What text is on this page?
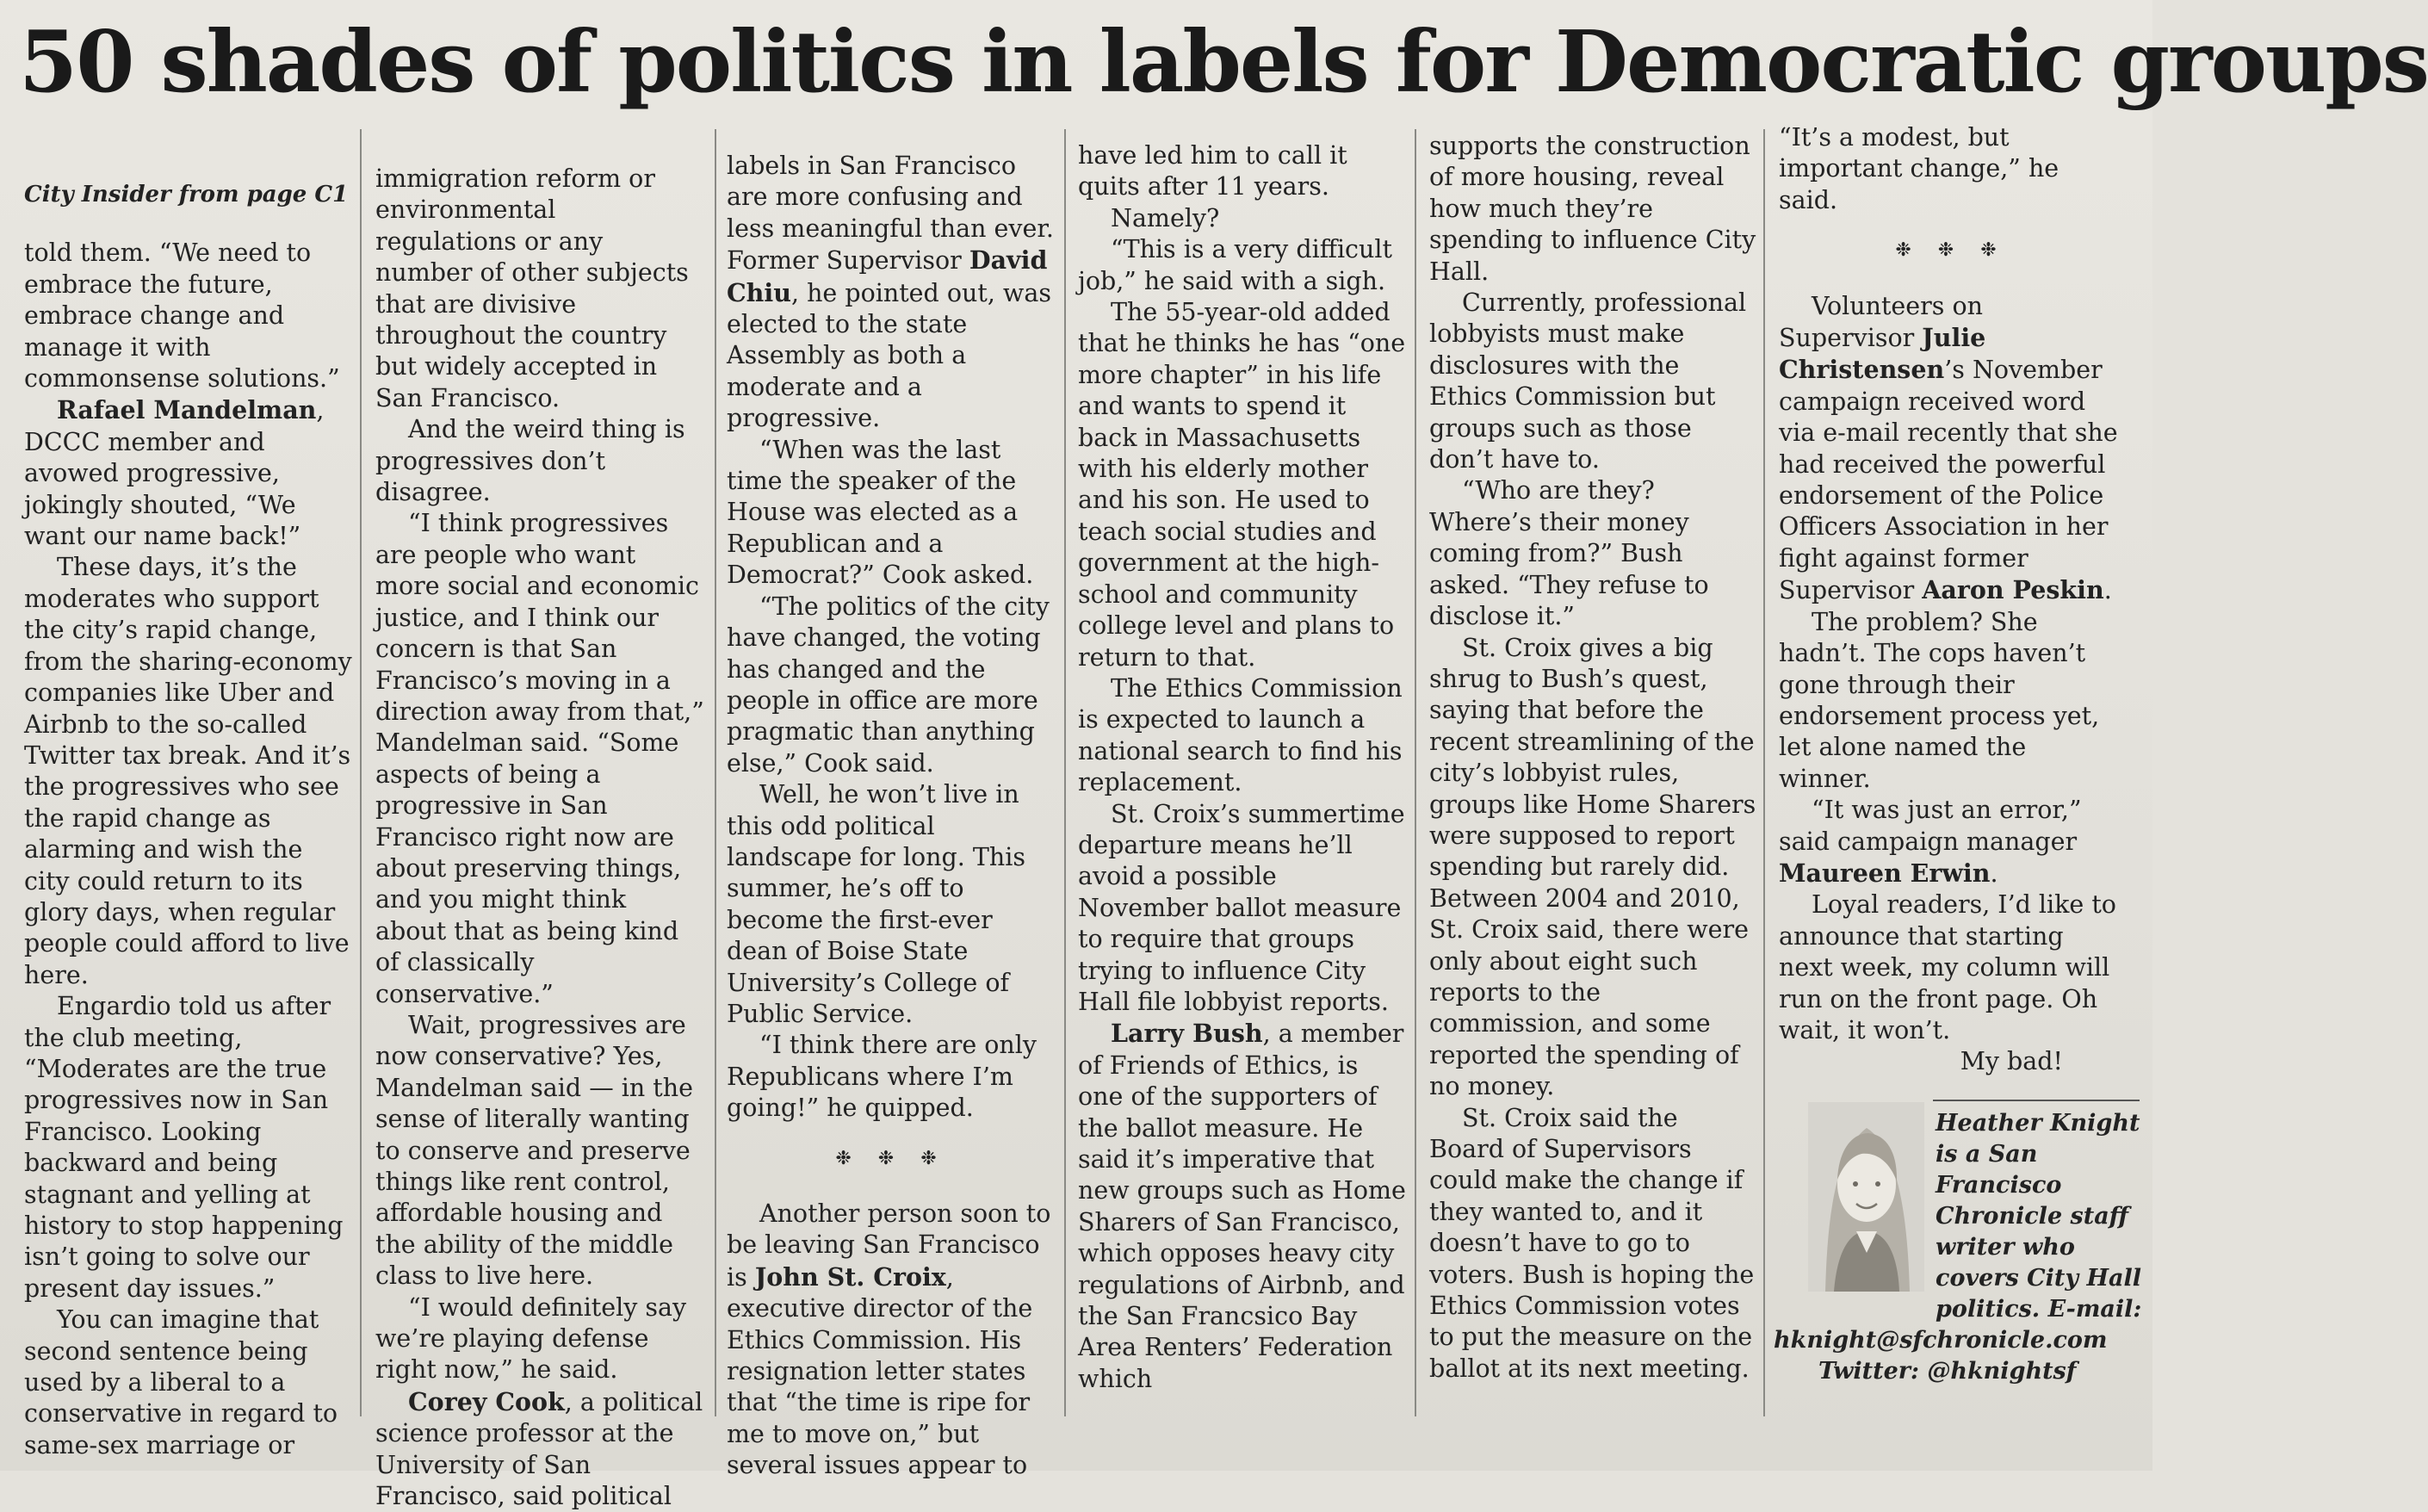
50 shades of politics in labels for Democratic groups

City Insider from page C1

told them. “We need to embrace the future, embrace change and manage it with commonsense solutions.”

Rafael Mandelman, DCCC member and avowed progressive, jokingly shouted, “We want our name back!”

These days, it’s the moderates who support the city’s rapid change, from the sharing-economy companies like Uber and Airbnb to the so-called Twitter tax break. And it’s the progressives who see the rapid change as alarming and wish the city could return to its glory days, when regular people could afford to live here.

Engardio told us after the club meeting, “Moderates are the true progressives now in San Francisco. Looking backward and being stagnant and yelling at history to stop happening isn’t going to solve our present day issues.”

You can imagine that second sentence being used by a liberal to a conservative in regard to same-sex marriage or

immigration reform or environmental regulations or any number of other subjects that are divisive throughout the country but widely accepted in San Francisco.

And the weird thing is progressives don’t disagree.

“I think progressives are people who want more social and economic justice, and I think our concern is that San Francisco’s moving in a direction away from that,” Mandelman said. “Some aspects of being a progressive in San Francisco right now are about preserving things, and you might think about that as being kind of classically conservative.”

Wait, progressives are now conservative? Yes, Mandelman said — in the sense of literally wanting to conserve and preserve things like rent control, affordable housing and the ability of the middle class to live here.

“I would definitely say we’re playing defense right now,” he said.

Corey Cook, a political science professor at the University of San Francisco, said political

labels in San Francisco are more confusing and less meaningful than ever. Former Supervisor David Chiu, he pointed out, was elected to the state Assembly as both a moderate and a progressive.

“When was the last time the speaker of the House was elected as a Republican and a Democrat?” Cook asked.

“The politics of the city have changed, the voting has changed and the people in office are more pragmatic than anything else,” Cook said.

Well, he won’t live in this odd political landscape for long. This summer, he’s off to become the first-ever dean of Boise State University’s College of Public Service.

“I think there are only Republicans where I’m going!” he quipped.

❉ ❉ ❉

Another person soon to be leaving San Francisco is John St. Croix, executive director of the Ethics Commission. His resignation letter states that “the time is ripe for me to move on,” but several issues appear to

have led him to call it quits after 11 years.

Namely?

“This is a very difficult job,” he said with a sigh.

The 55-year-old added that he thinks he has “one more chapter” in his life and wants to spend it back in Massachusetts with his elderly mother and his son. He used to teach social studies and government at the high-school and community college level and plans to return to that.

The Ethics Commission is expected to launch a national search to find his replacement.

St. Croix’s summertime departure means he’ll avoid a possible November ballot measure to require that groups trying to influence City Hall file lobbyist reports.

Larry Bush, a member of Friends of Ethics, is one of the supporters of the ballot measure. He said it’s imperative that new groups such as Home Sharers of San Francisco, which opposes heavy city regulations of Airbnb, and the San Francsico Bay Area Renters’ Federation which

supports the construction of more housing, reveal how much they’re spending to influence City Hall.

Currently, professional lobbyists must make disclosures with the Ethics Commission but groups such as those don’t have to.

“Who are they? Where’s their money coming from?” Bush asked. “They refuse to disclose it.”

St. Croix gives a big shrug to Bush’s quest, saying that before the recent streamlining of the city’s lobbyist rules, groups like Home Sharers were supposed to report spending but rarely did. Between 2004 and 2010, St. Croix said, there were only about eight such reports to the commission, and some reported the spending of no money.

St. Croix said the Board of Supervisors could make the change if they wanted to, and it doesn’t have to go to voters. Bush is hoping the Ethics Commission votes to put the measure on the ballot at its next meeting.

“It’s a modest, but important change,” he said.

❉ ❉ ❉

Volunteers on Supervisor Julie Christensen’s November campaign received word via e-mail recently that she had received the powerful endorsement of the Police Officers Association in her fight against former Supervisor Aaron Peskin.

The problem? She hadn’t. The cops haven’t gone through their endorsement process yet, let alone named the winner.

“It was just an error,” said campaign manager Maureen Erwin.

Loyal readers, I’d like to announce that starting next week, my column will run on the front page. Oh wait, it won’t.

My bad!

Heather Knight
is a San
Francisco
Chronicle staff
writer who
covers City Hall
politics. E-mail:
hknight@sfchronicle.com
Twitter: @hknightsf
